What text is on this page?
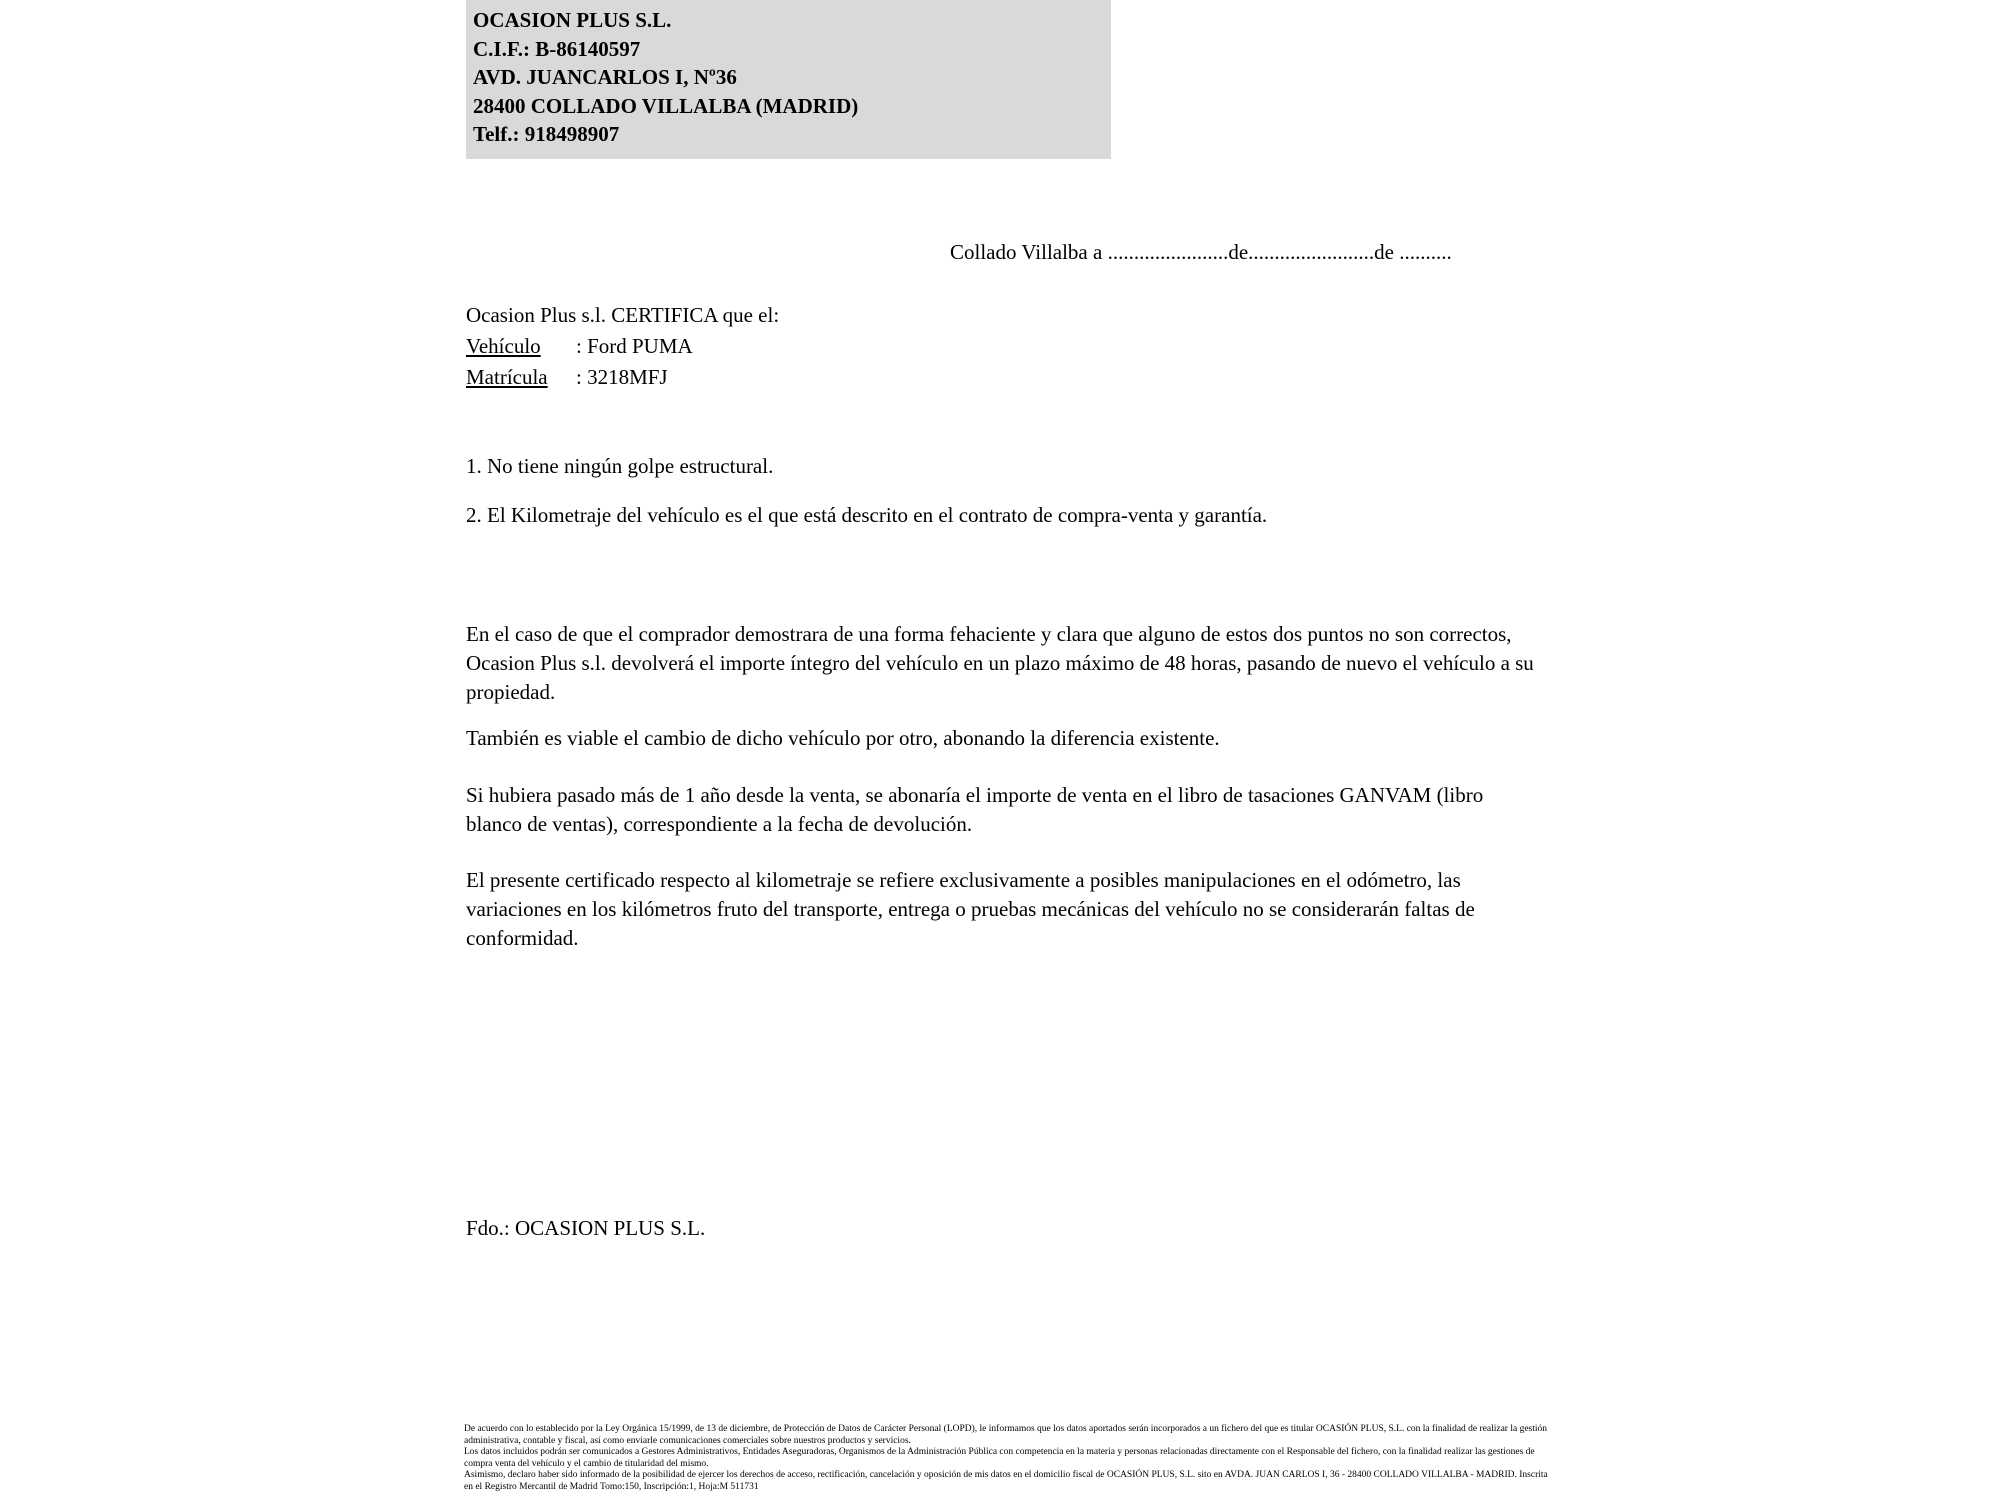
OCASION PLUS S.L.
C.I.F.: B-86140597
AVD. JUANCARLOS I, Nº36
28400 COLLADO VILLALBA (MADRID)
Telf.: 918498907
Collado Villalba a .......................de........................de ..........
Ocasion Plus s.l. CERTIFICA que el:
Vehículo : Ford PUMA
Matrícula : 3218MFJ
1. No tiene ningún golpe estructural.
2. El Kilometraje del vehículo es el que está descrito en el contrato de compra-venta y garantía.
En el caso de que el comprador demostrara de una forma fehaciente y clara que alguno de estos dos puntos no son correctos, Ocasion Plus s.l. devolverá el importe íntegro del vehículo en un plazo máximo de 48 horas, pasando de nuevo el vehículo a su propiedad.
También es viable el cambio de dicho vehículo por otro, abonando la diferencia existente.
Si hubiera pasado más de 1 año desde la venta, se abonaría el importe de venta en el libro de tasaciones GANVAM (libro blanco de ventas), correspondiente a la fecha de devolución.
El presente certificado respecto al kilometraje se refiere exclusivamente a posibles manipulaciones en el odómetro, las variaciones en los kilómetros fruto del transporte, entrega o pruebas mecánicas del vehículo no se considerarán faltas de conformidad.
Fdo.: OCASION PLUS S.L.

De acuerdo con lo establecido por la Ley Orgánica 15/1999, de 13 de diciembre, de Protección de Datos de Carácter Personal (LOPD), le informamos que los datos aportados serán incorporados a un fichero del que es titular OCASIÓN PLUS, S.L. con la finalidad de realizar la gestión administrativa, contable y fiscal, así como enviarle comunicaciones comerciales sobre nuestros productos y servicios.

Los datos incluidos podrán ser comunicados a Gestores Administrativos, Entidades Aseguradoras, Organismos de la Administración Pública con competencia en la materia y personas relacionadas directamente con el Responsable del fichero, con la finalidad realizar las gestiones de compra venta del vehículo y el cambio de titularidad del mismo.

Asimismo, declaro haber sido informado de la posibilidad de ejercer los derechos de acceso, rectificación, cancelación y oposición de mis datos en el domicilio fiscal de OCASIÓN PLUS, S.L. sito en AVDA. JUAN CARLOS I, 36 - 28400 COLLADO VILLALBA - MADRID. Inscrita en el Registro Mercantil de Madrid Tomo:150, Inscripción:1, Hoja:M 511731
